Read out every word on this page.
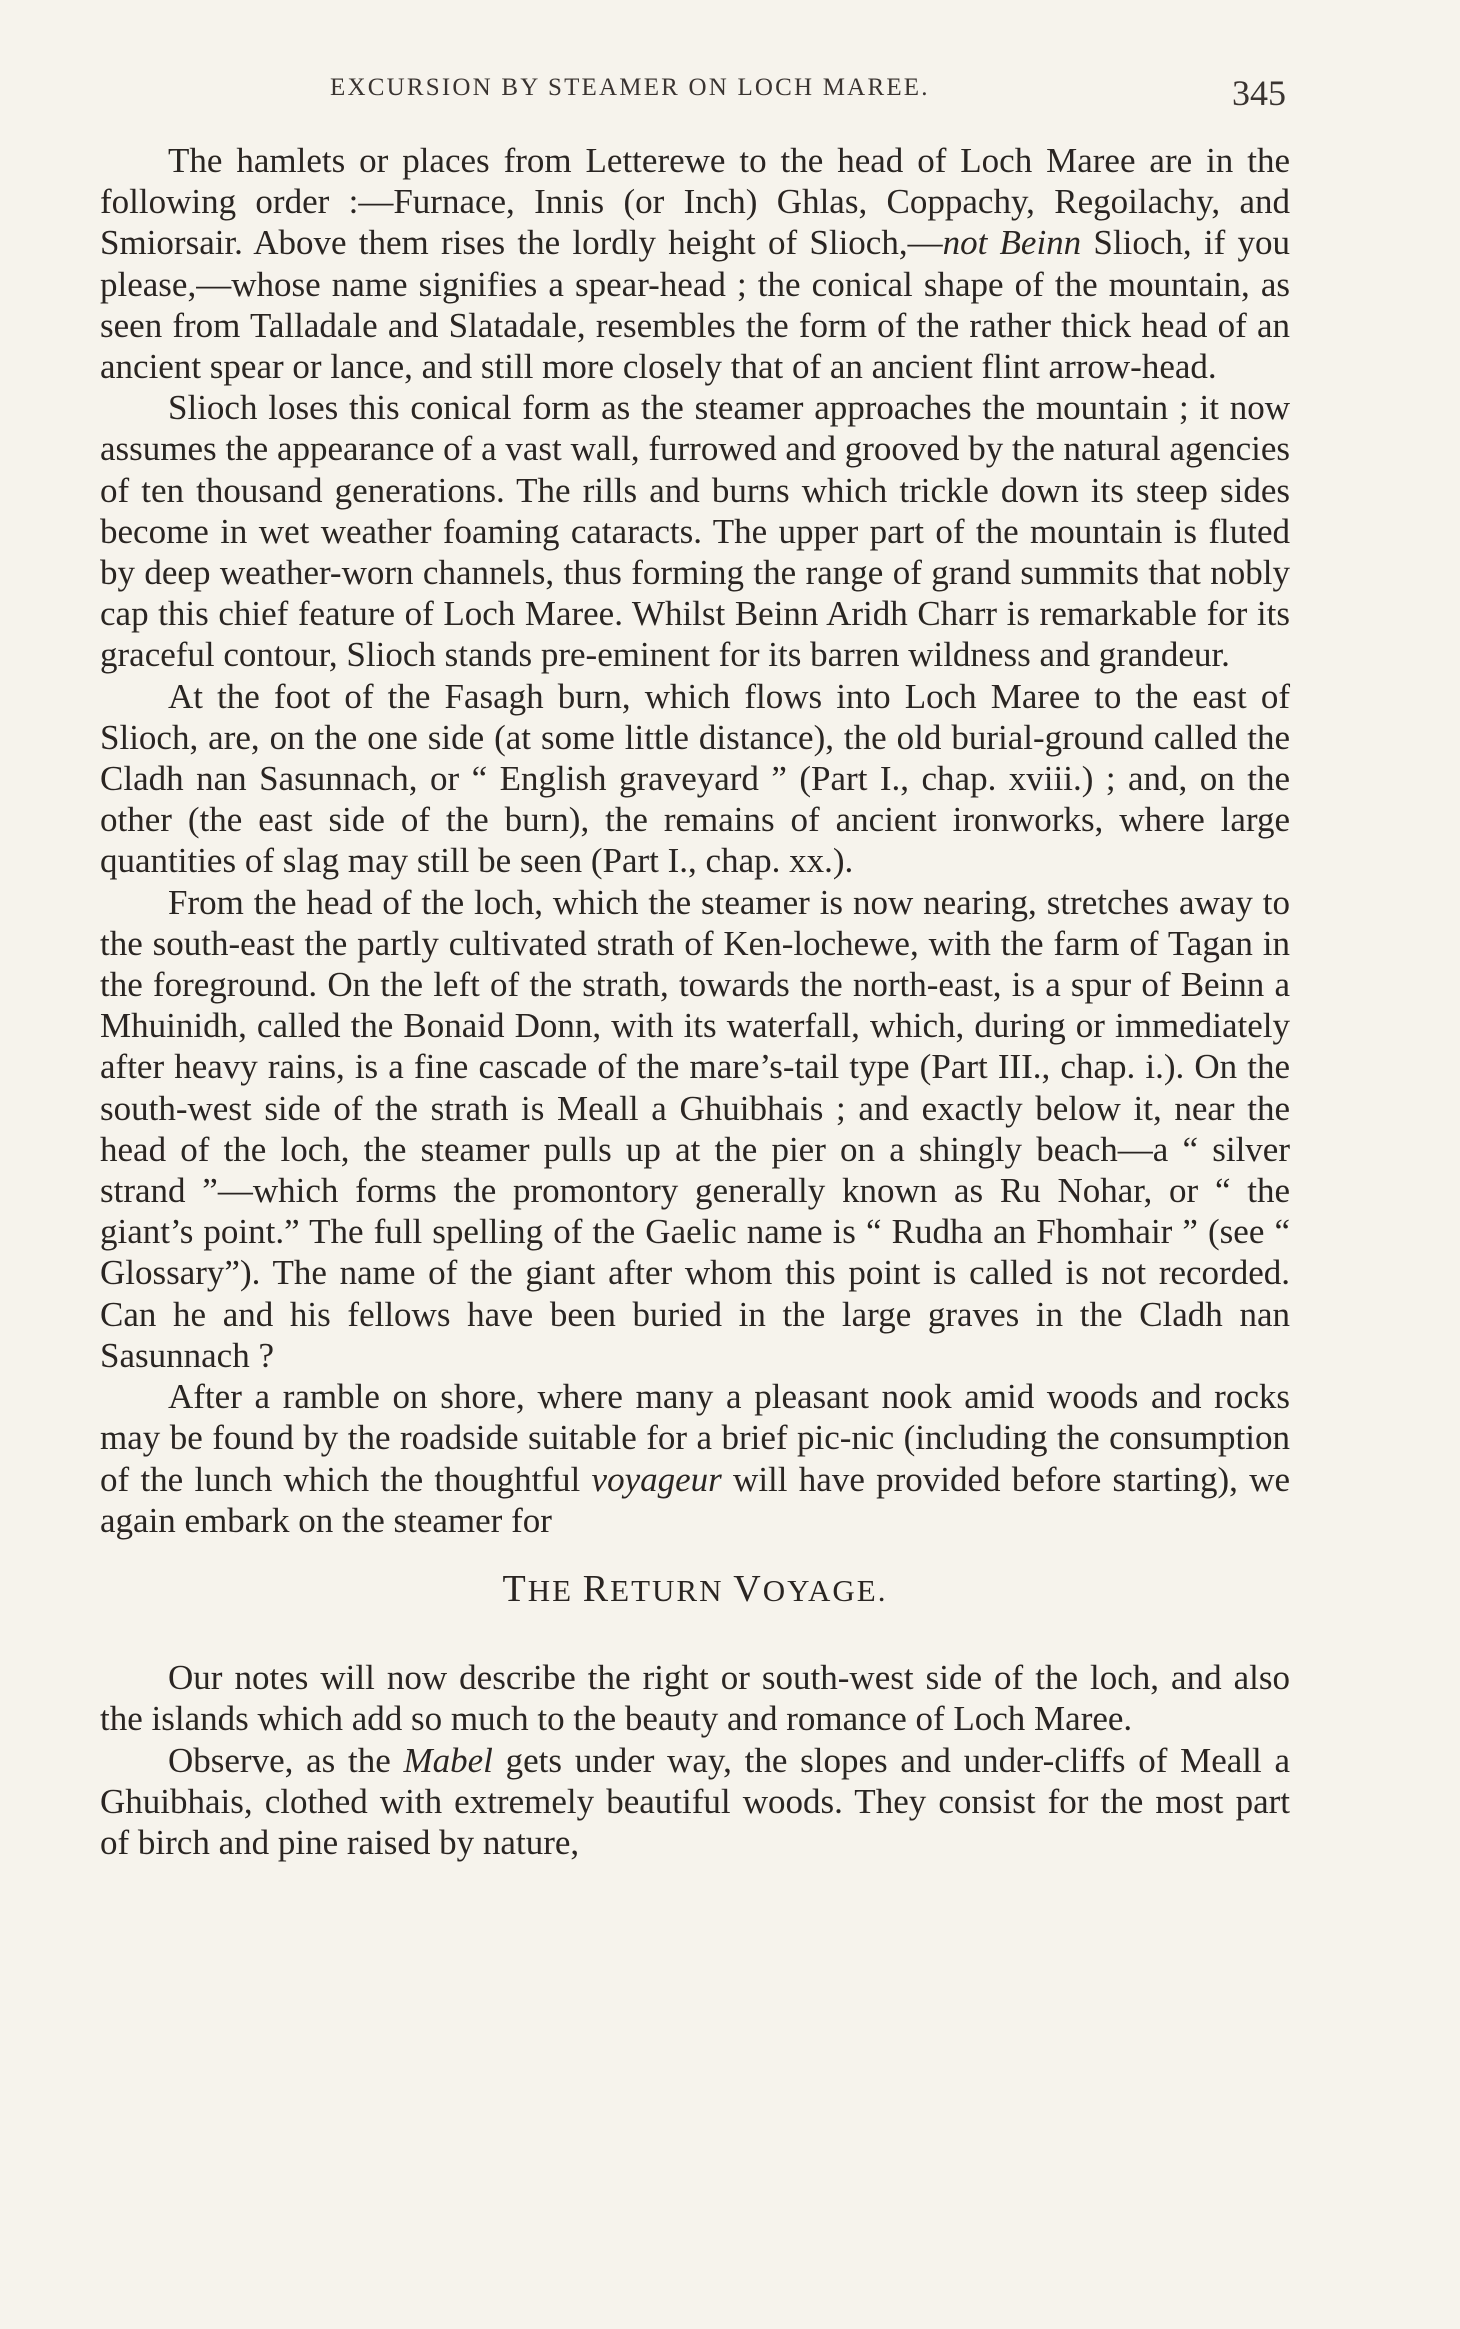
EXCURSION BY STEAMER ON LOCH MAREE.	345

The hamlets or places from Letterewe to the head of Loch Maree are in the following order :—Furnace, Innis (or Inch) Ghlas, Coppachy, Regoilachy, and Smiorsair. Above them rises the lordly height of Slioch,—not Beinn Slioch, if you please,—whose name signifies a spear-head ; the conical shape of the mountain, as seen from Talladale and Slatadale, resembles the form of the rather thick head of an ancient spear or lance, and still more closely that of an ancient flint arrow-head.

Slioch loses this conical form as the steamer approaches the mountain ; it now assumes the appearance of a vast wall, furrowed and grooved by the natural agencies of ten thousand generations. The rills and burns which trickle down its steep sides become in wet weather foaming cataracts. The upper part of the mountain is fluted by deep weather-worn channels, thus forming the range of grand summits that nobly cap this chief feature of Loch Maree. Whilst Beinn Aridh Charr is remarkable for its graceful contour, Slioch stands pre-eminent for its barren wildness and grandeur.

At the foot of the Fasagh burn, which flows into Loch Maree to the east of Slioch, are, on the one side (at some little distance), the old burial-ground called the Cladh nan Sasunnach, or “ English graveyard ” (Part I., chap. xviii.) ; and, on the other (the east side of the burn), the remains of ancient ironworks, where large quantities of slag may still be seen (Part I., chap. xx.).

From the head of the loch, which the steamer is now nearing, stretches away to the south-east the partly cultivated strath of Ken-lochewe, with the farm of Tagan in the foreground. On the left of the strath, towards the north-east, is a spur of Beinn a Mhuinidh, called the Bonaid Donn, with its waterfall, which, during or immediately after heavy rains, is a fine cascade of the mare’s-tail type (Part III., chap. i.). On the south-west side of the strath is Meall a Ghuibhais ; and exactly below it, near the head of the loch, the steamer pulls up at the pier on a shingly beach—a “ silver strand ”—which forms the promontory generally known as Ru Nohar, or “ the giant’s point.” The full spelling of the Gaelic name is “ Rudha an Fhomhair ” (see “ Glossary”). The name of the giant after whom this point is called is not recorded. Can he and his fellows have been buried in the large graves in the Cladh nan Sasunnach ?

After a ramble on shore, where many a pleasant nook amid woods and rocks may be found by the roadside suitable for a brief pic-nic (including the consumption of the lunch which the thoughtful voyageur will have provided before starting), we again embark on the steamer for

THE RETURN VOYAGE.

Our notes will now describe the right or south-west side of the loch, and also the islands which add so much to the beauty and romance of Loch Maree.

Observe, as the Mabel gets under way, the slopes and under-cliffs of Meall a Ghuibhais, clothed with extremely beautiful woods. They consist for the most part of birch and pine raised by nature,
